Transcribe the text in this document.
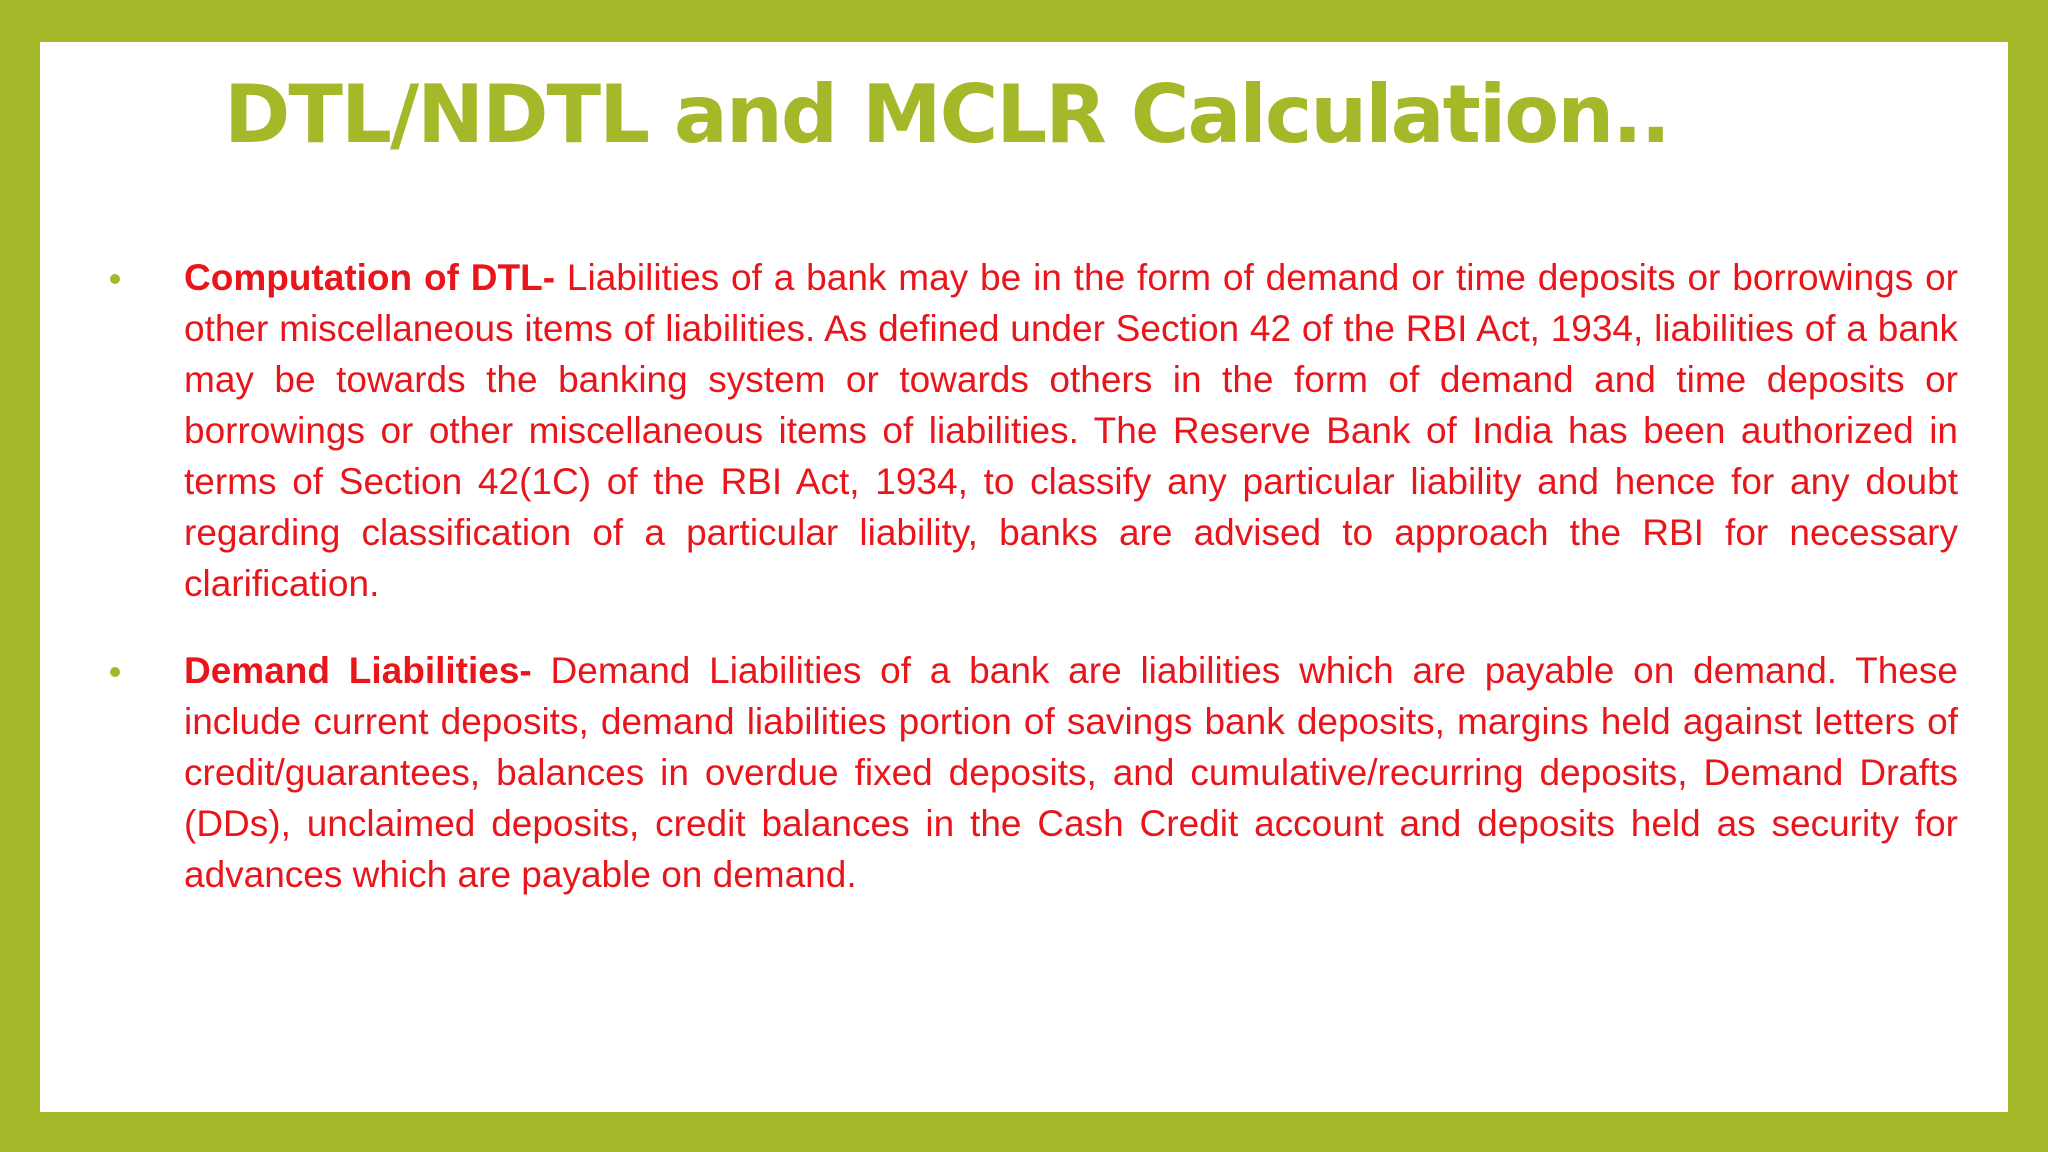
DTL/NDTL and MCLR Calculation..
Computation of DTL- Liabilities of a bank may be in the form of demand or time deposits or borrowings or other miscellaneous items of liabilities. As defined under Section 42 of the RBI Act, 1934, liabilities of a bank may be towards the banking system or towards others in the form of demand and time deposits or borrowings or other miscellaneous items of liabilities. The Reserve Bank of India has been authorized in terms of Section 42(1C) of the RBI Act, 1934, to classify any particular liability and hence for any doubt regarding classification of a particular liability, banks are advised to approach the RBI for necessary clarification.
Demand Liabilities- Demand Liabilities of a bank are liabilities which are payable on demand. These include current deposits, demand liabilities portion of savings bank deposits, margins held against letters of credit/guarantees, balances in overdue fixed deposits, and cumulative/recurring deposits, Demand Drafts (DDs), unclaimed deposits, credit balances in the Cash Credit account and deposits held as security for advances which are payable on demand.
